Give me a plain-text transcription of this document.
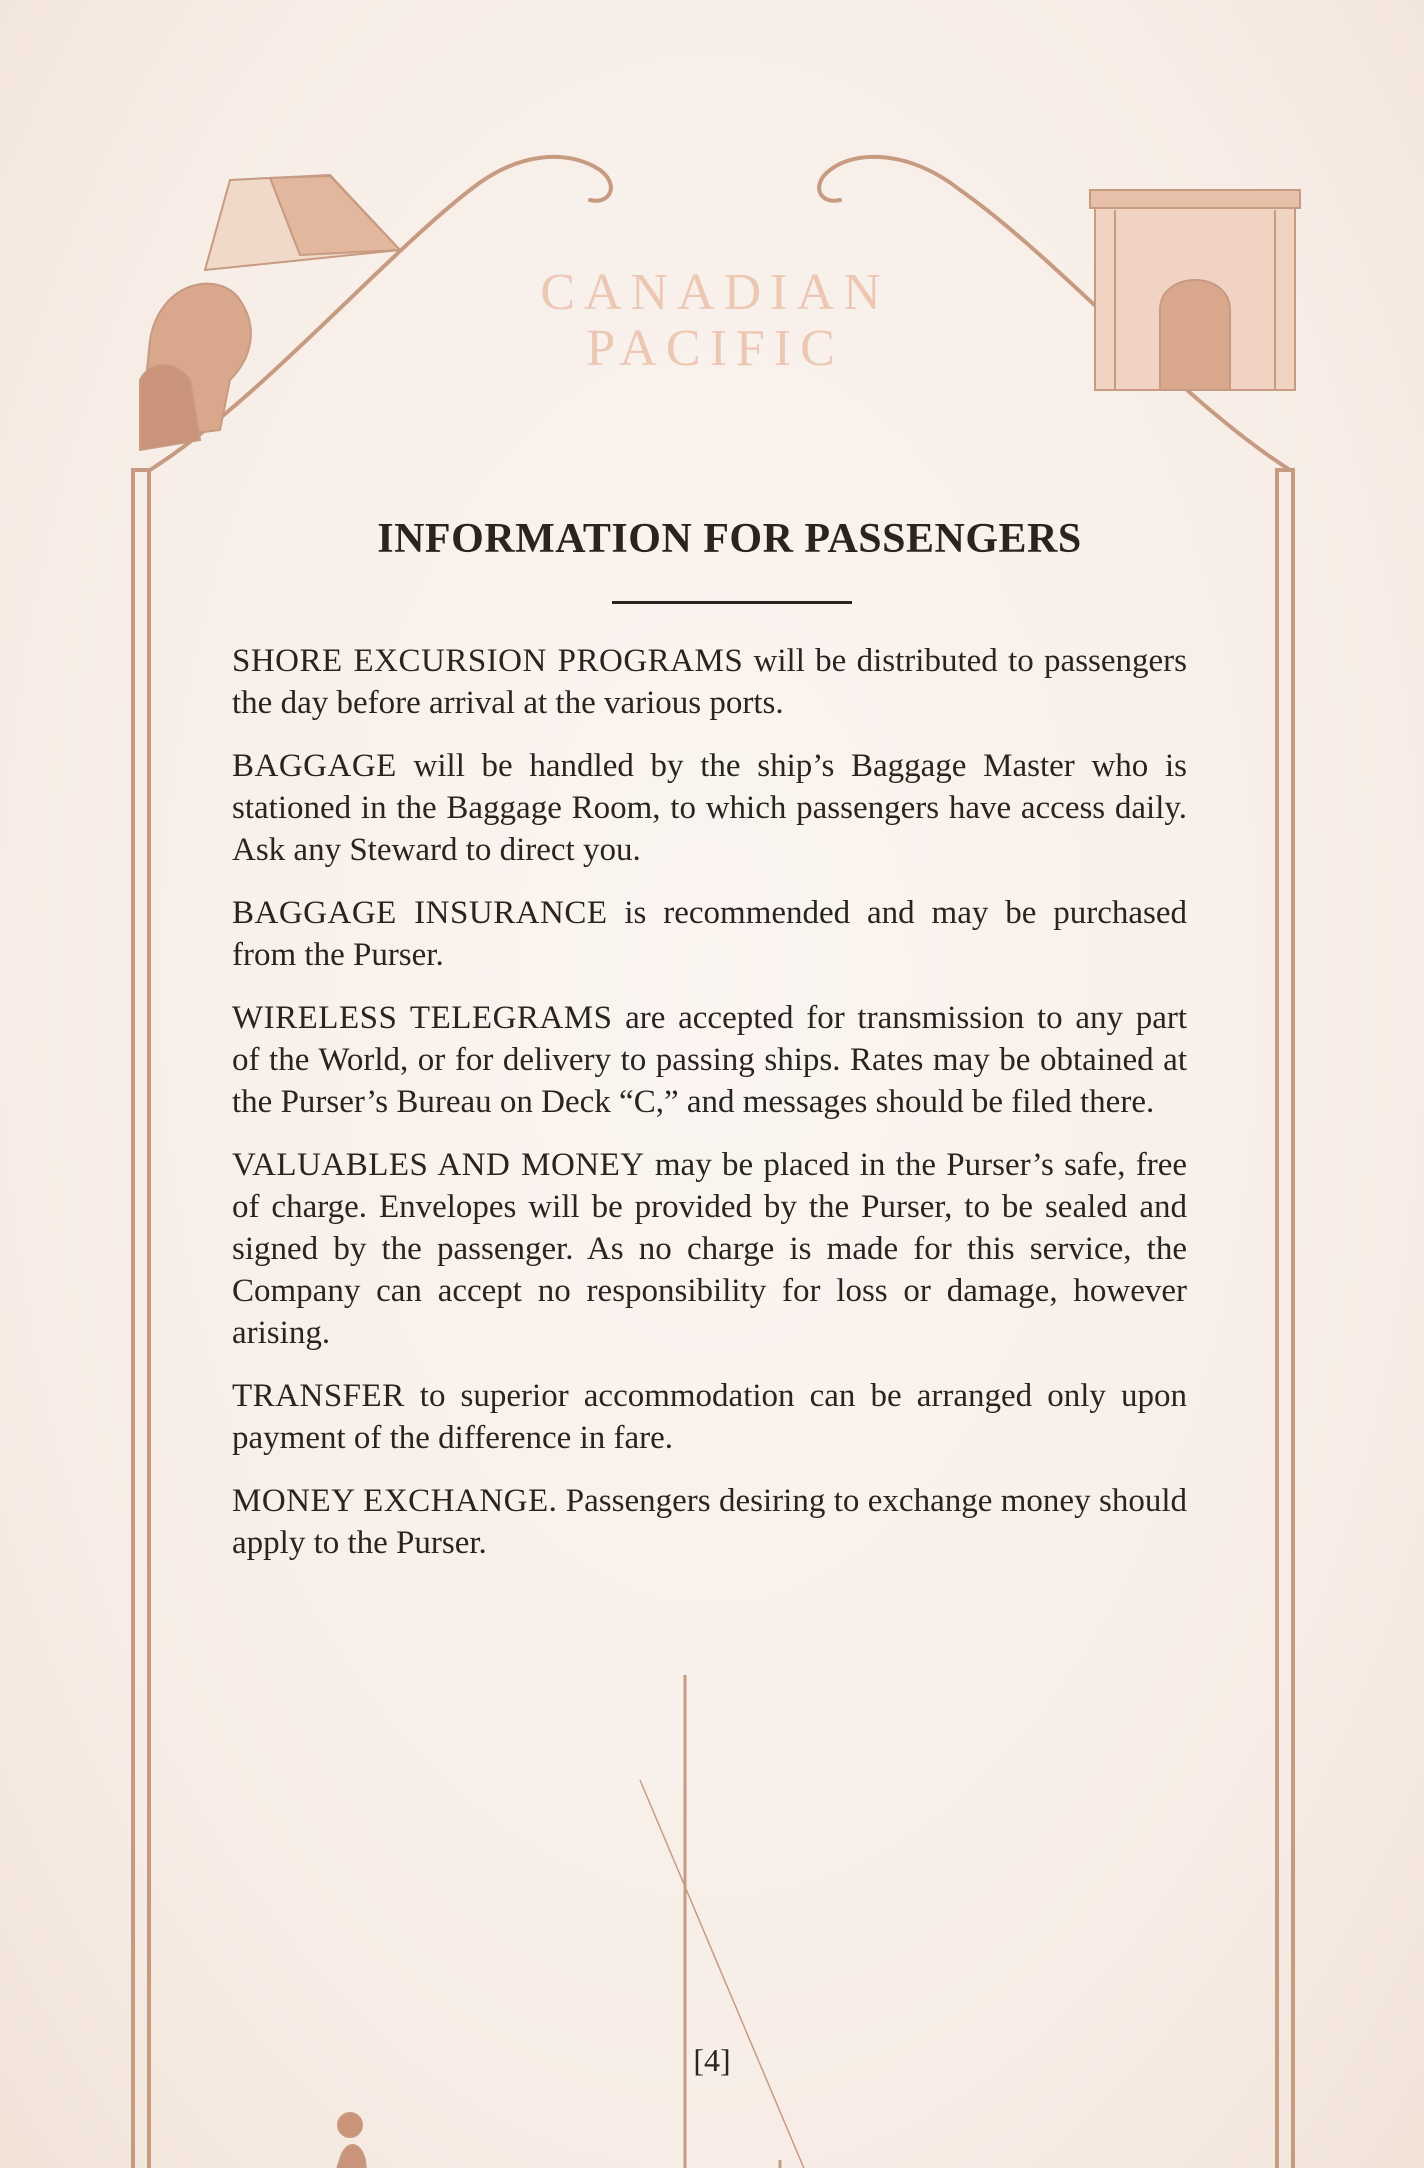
CANADIAN
PACIFIC
INFORMATION FOR PASSENGERS

SHORE EXCURSION PROGRAMS will be distributed to passengers the day before arrival at the various ports.

BAGGAGE will be handled by the ship’s Baggage Master who is stationed in the Baggage Room, to which passengers have access daily. Ask any Steward to direct you.

BAGGAGE INSURANCE is recommended and may be purchased from the Purser.

WIRELESS TELEGRAMS are accepted for transmission to any part of the World, or for delivery to passing ships. Rates may be obtained at the Purser’s Bureau on Deck “C,” and messages should be filed there.

VALUABLES AND MONEY may be placed in the Purser’s safe, free of charge. Envelopes will be provided by the Purser, to be sealed and signed by the passenger. As no charge is made for this service, the Company can accept no responsibility for loss or damage, however arising.

TRANSFER to superior accommodation can be arranged only upon payment of the difference in fare.

MONEY EXCHANGE. Passengers desiring to exchange money should apply to the Purser.

[4]
